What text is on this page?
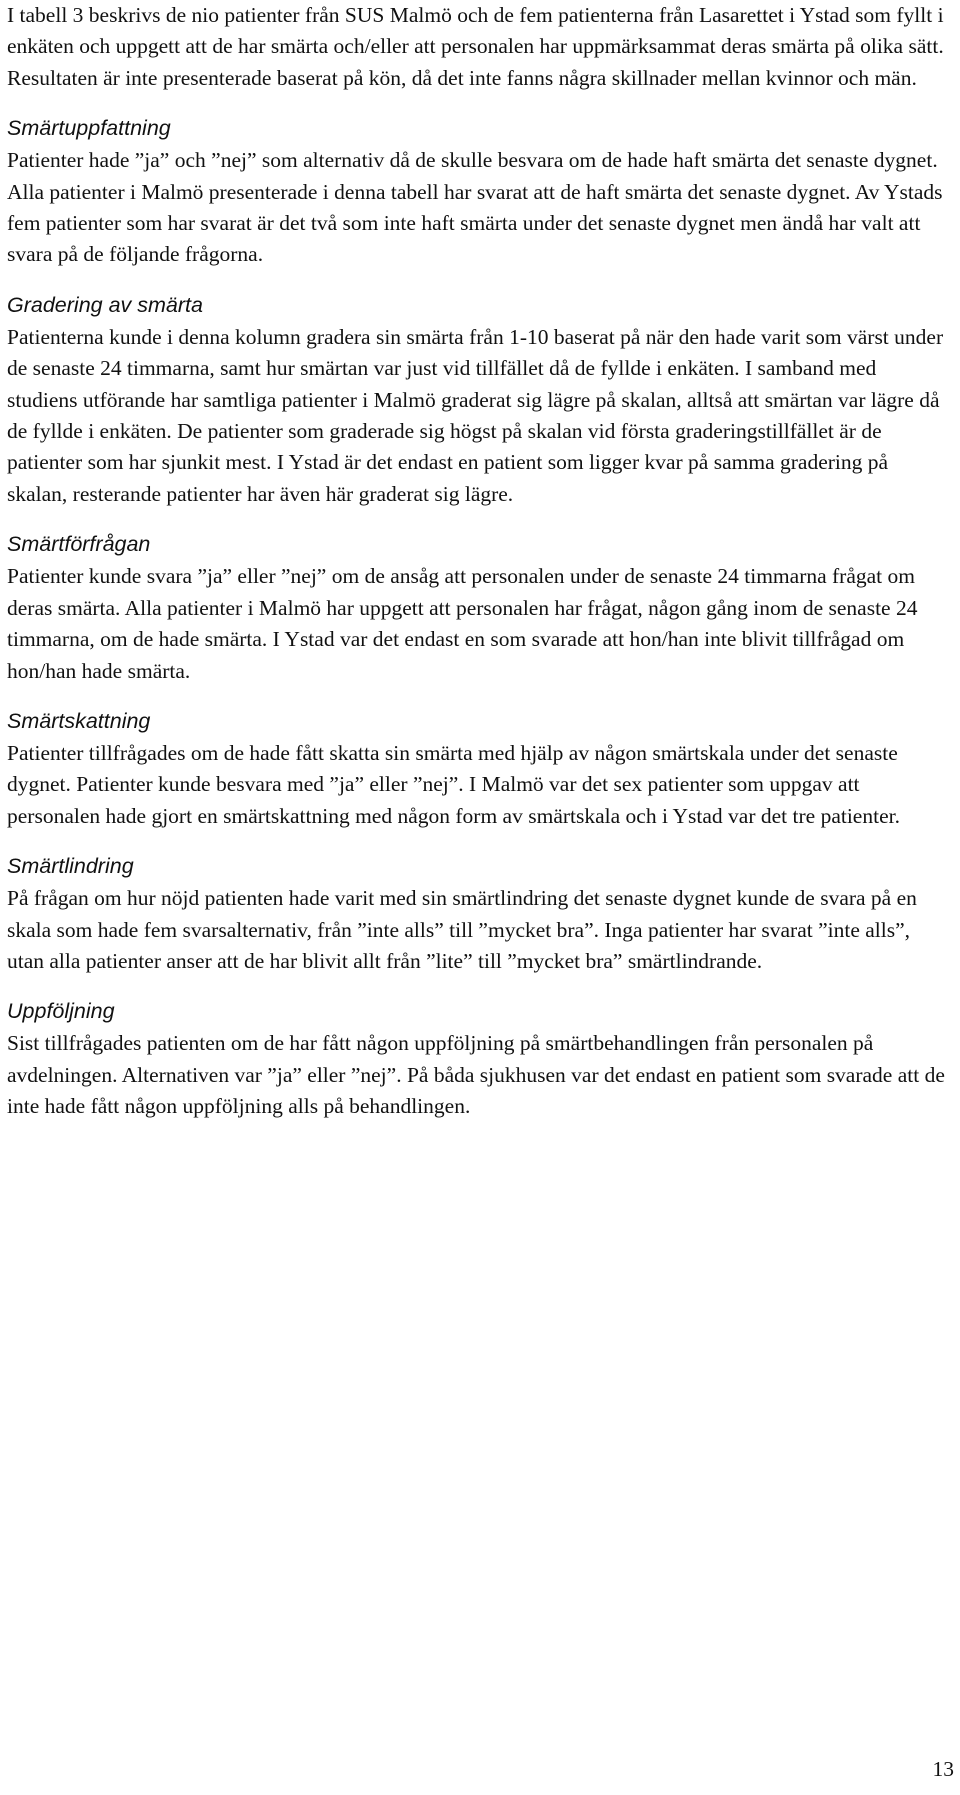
I tabell 3 beskrivs de nio patienter från SUS Malmö och de fem patienterna från Lasarettet i Ystad som fyllt i enkäten och uppgett att de har smärta och/eller att personalen har uppmärksammat deras smärta på olika sätt. Resultaten är inte presenterade baserat på kön, då det inte fanns några skillnader mellan kvinnor och män.

Smärtuppfattning

Patienter hade ”ja” och ”nej” som alternativ då de skulle besvara om de hade haft smärta det senaste dygnet. Alla patienter i Malmö presenterade i denna tabell har svarat att de haft smärta det senaste dygnet. Av Ystads fem patienter som har svarat är det två som inte haft smärta under det senaste dygnet men ändå har valt att svara på de följande frågorna.

Gradering av smärta

Patienterna kunde i denna kolumn gradera sin smärta från 1-10 baserat på när den hade varit som värst under de senaste 24 timmarna, samt hur smärtan var just vid tillfället då de fyllde i enkäten. I samband med studiens utförande har samtliga patienter i Malmö graderat sig lägre på skalan, alltså att smärtan var lägre då de fyllde i enkäten. De patienter som graderade sig högst på skalan vid första graderingstillfället är de patienter som har sjunkit mest. I Ystad är det endast en patient som ligger kvar på samma gradering på skalan, resterande patienter har även här graderat sig lägre.

Smärtförfrågan

Patienter kunde svara ”ja” eller ”nej” om de ansåg att personalen under de senaste 24 timmarna frågat om deras smärta. Alla patienter i Malmö har uppgett att personalen har frågat, någon gång inom de senaste 24 timmarna, om de hade smärta. I Ystad var det endast en som svarade att hon/han inte blivit tillfrågad om hon/han hade smärta.

Smärtskattning

Patienter tillfrågades om de hade fått skatta sin smärta med hjälp av någon smärtskala under det senaste dygnet. Patienter kunde besvara med ”ja” eller ”nej”. I Malmö var det sex patienter som uppgav att personalen hade gjort en smärtskattning med någon form av smärtskala och i Ystad var det tre patienter.

Smärtlindring

På frågan om hur nöjd patienten hade varit med sin smärtlindring det senaste dygnet kunde de svara på en skala som hade fem svarsalternativ, från ”inte alls” till ”mycket bra”. Inga patienter har svarat ”inte alls”, utan alla patienter anser att de har blivit allt från ”lite” till ”mycket bra” smärtlindrande.

Uppföljning

Sist tillfrågades patienten om de har fått någon uppföljning på smärtbehandlingen från personalen på avdelningen. Alternativen var ”ja” eller ”nej”. På båda sjukhusen var det endast en patient som svarade att de inte hade fått någon uppföljning alls på behandlingen.

13
